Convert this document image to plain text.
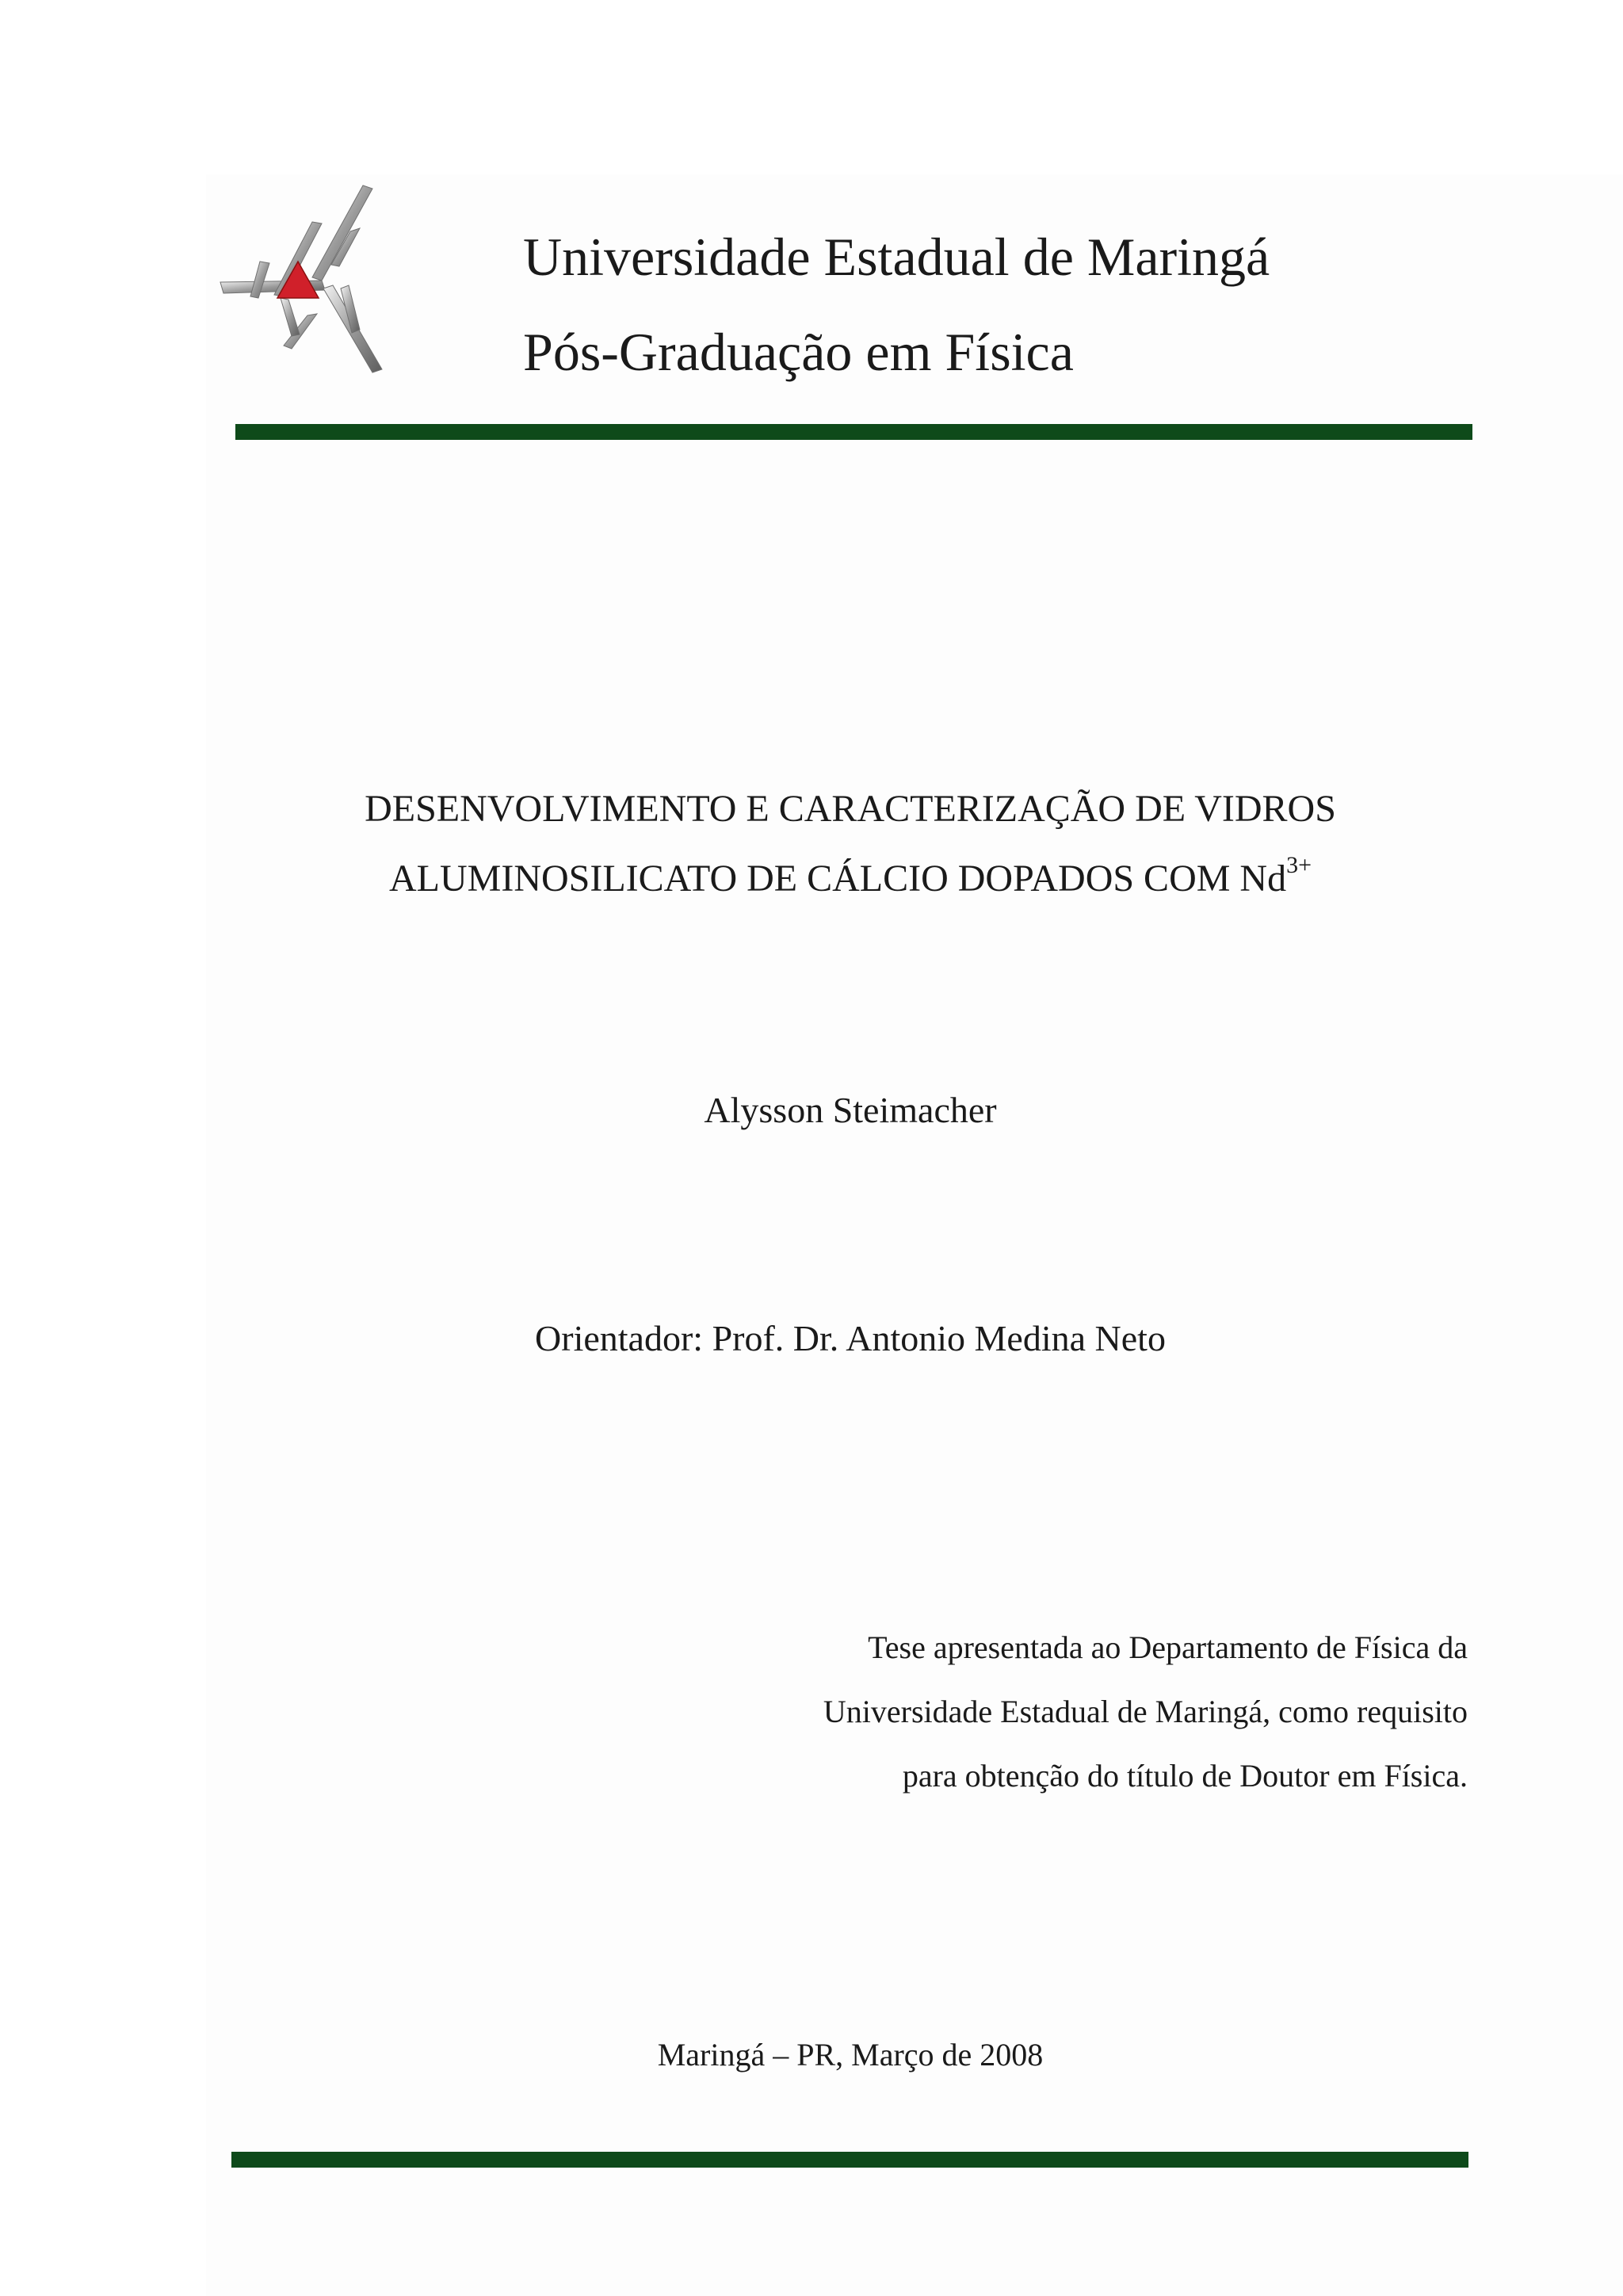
Universidade Estadual de Maringá
Pós-Graduação em Física
DESENVOLVIMENTO E CARACTERIZAÇÃO DE VIDROS
ALUMINOSILICATO DE CÁLCIO DOPADOS COM $Nd^{3+}$
Alysson Steimacher
Orientador: Prof. Dr. Antonio Medina Neto
Tese apresentada ao Departamento de Física da
Universidade Estadual de Maringá, como requisito
para obtenção do título de Doutor em Física.
Maringá – PR, Março de 2008
